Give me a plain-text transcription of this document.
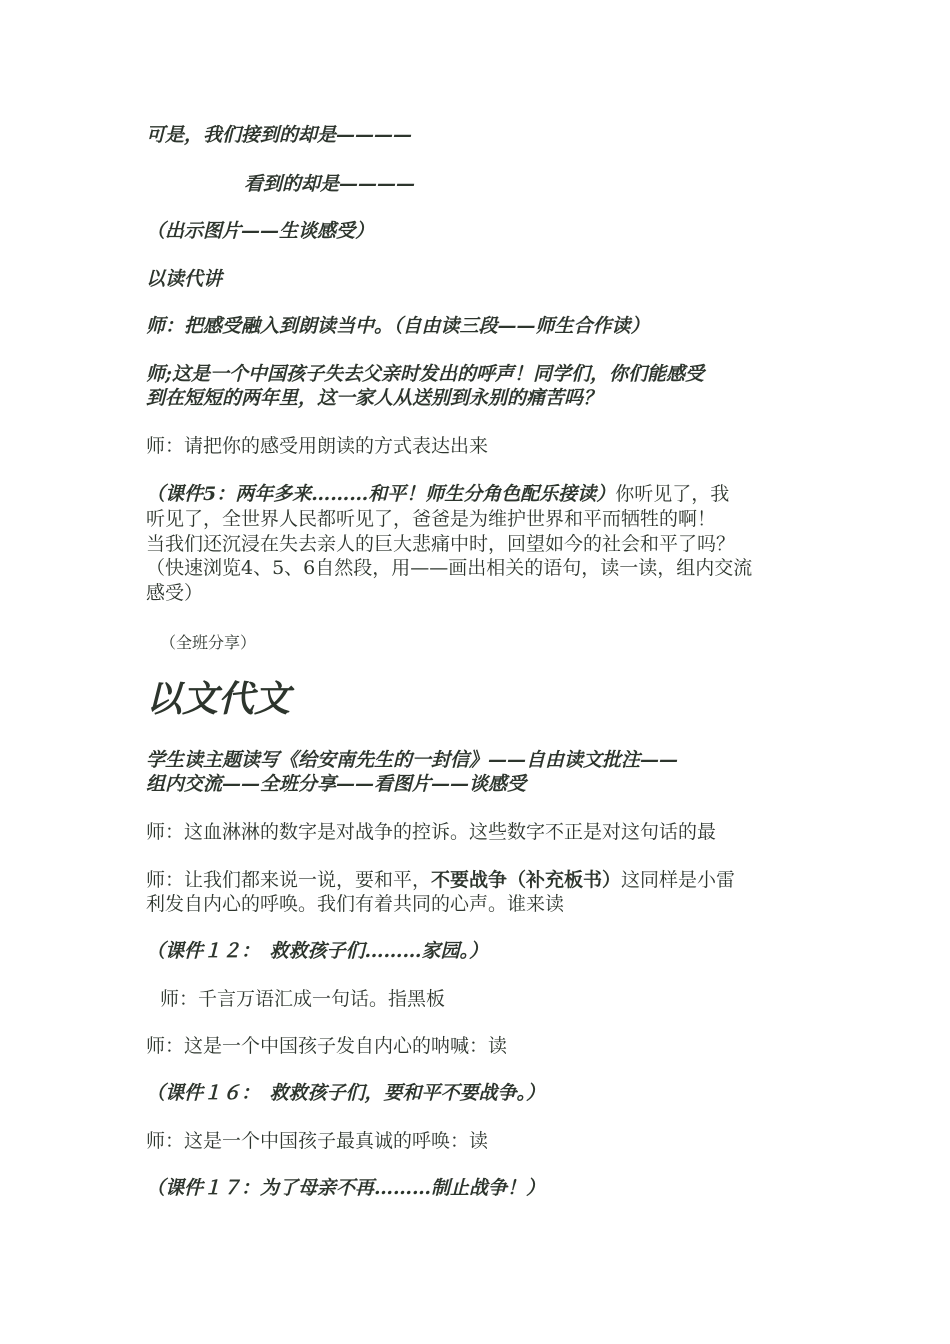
可是，我们接到的却是————

看到的却是————

（出示图片——生谈感受）

以读代讲

师：把感受融入到朗读当中。（自由读三段——师生合作读）

师;这是一个中国孩子失去父亲时发出的呼声！同学们，你们能感受

到在短短的两年里，这一家人从送别到永别的痛苦吗？

师：请把你的感受用朗读的方式表达出来

（课件5：两年多来………和平！师生分角色配乐接读）你听见了，我

听见了，全世界人民都听见了，爸爸是为维护世界和平而牺牲的啊！

当我们还沉浸在失去亲人的巨大悲痛中时，回望如今的社会和平了吗？

（快速浏览4、5、6自然段，用——画出相关的语句，读一读，组内交流

感受）

（全班分享）

以文代文

学生读主题读写《给安南先生的一封信》——自由读文批注——

组内交流——全班分享——看图片——谈感受

师：这血淋淋的数字是对战争的控诉。这些数字不正是对这句话的最

师：让我们都来说一说，要和平，不要战争（补充板书）这同样是小雷

利发自内心的呼唤。我们有着共同的心声。谁来读

（课件１２：　救救孩子们………家园。）

师：千言万语汇成一句话。指黑板

师：这是一个中国孩子发自内心的呐喊：读

（课件１６：　救救孩子们，要和平不要战争。）

师：这是一个中国孩子最真诚的呼唤：读

（课件１７：为了母亲不再………制止战争！）
